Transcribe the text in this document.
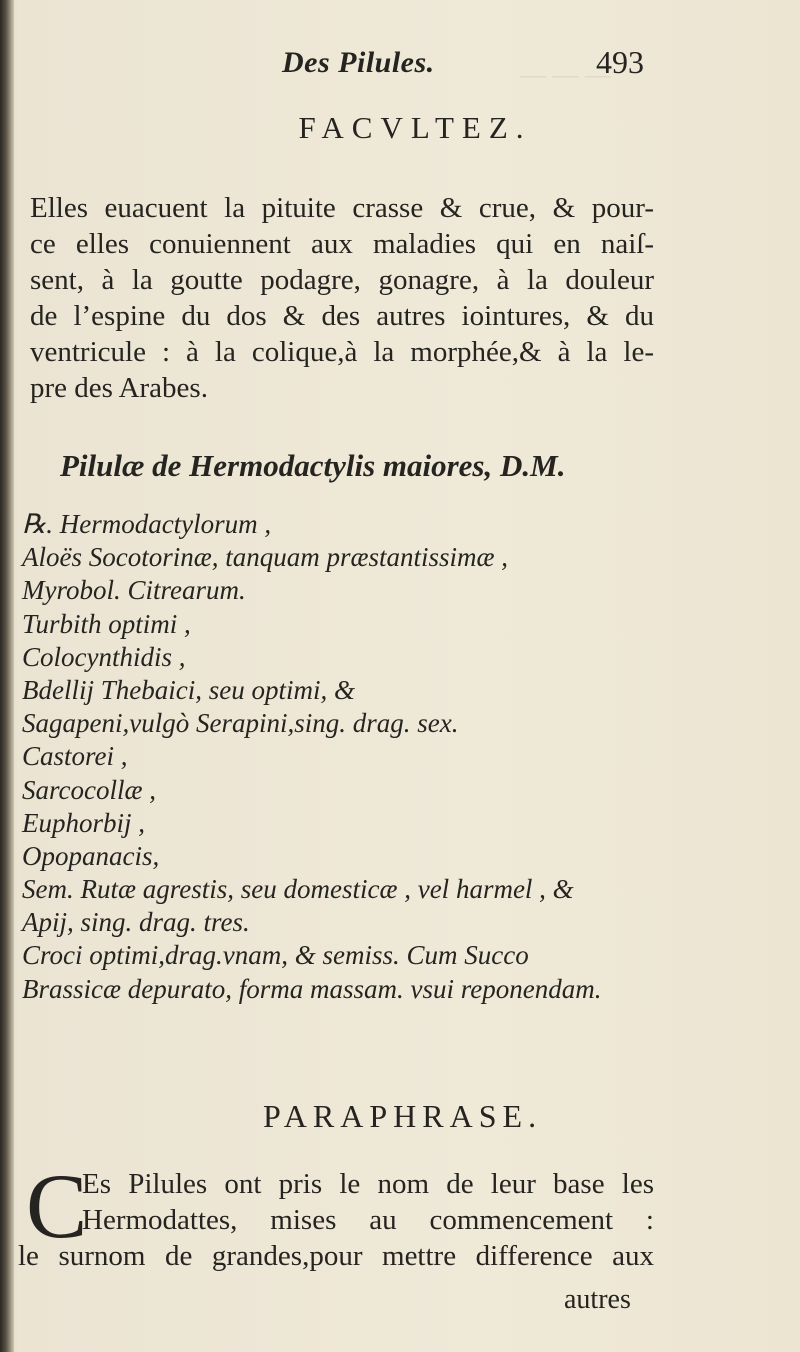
— — —
Des Pilules.	493
FACVLTEZ.
Elles euacuent la pituite crasse & crue, & pour-
ce elles conuiennent aux maladies qui en naiſ-
sent, à la goutte podagre, gonagre, à la douleur
de l’espine du dos & des autres iointures, & du
ventricule : à la colique,à la morphée,& à la le-
pre des Arabes.
Pilulæ de Hermodactylis maiores, D.M.
℞. Hermodactylorum ,
Aloës Socotorinæ, tanquam præstantissimæ ,
Myrobol. Citrearum.
Turbith optimi ,
Colocynthidis ,
Bdellij Thebaici, seu optimi, &
Sagapeni,vulgò Serapini,sing. drag. sex.
Castorei ,
Sarcocollæ ,
Euphorbij ,
Opopanacis,
Sem. Rutæ agrestis, seu domesticæ , vel harmel , &
Apij, sing. drag. tres.
Croci optimi,drag.vnam, & semiss. Cum Succo
Brassicæ depurato, forma massam. vsui reponendam.
PARAPHRASE.
C
Es Pilules ont pris le nom de leur base les
Hermodattes, mises au commencement :
le surnom de grandes,pour mettre difference aux
autres
